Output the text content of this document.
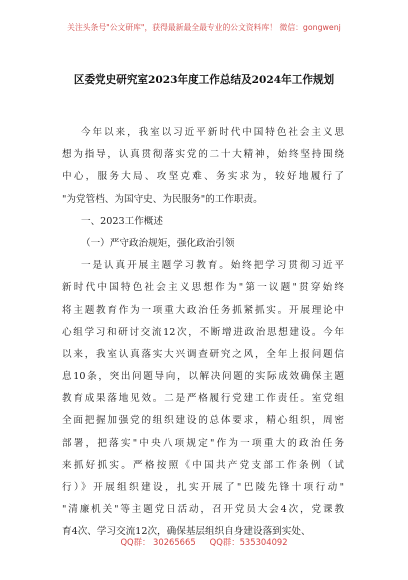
关注头条号"公文研库"，获得最新最全最专业的公文资料库！ 微信：gongwenj
区委党史研究室2023年度工作总结及2024年工作规划
今年以来，我室以习近平新时代中国特色社会主义思
想为指导，认真贯彻落实党的二十大精神，始终坚持围绕
中心，服务大局、攻坚克难、务实求为，较好地履行了
"为党管档、为国守史、为民服务"的工作职责。
一、2023工作概述
（一）严守政治规矩，强化政治引领
一是认真开展主题学习教育。始终把学习贯彻习近平
新时代中国特色社会主义思想作为"第一议题"贯穿始终
将主题教育作为一项重大政治任务抓紧抓实。开展理论中
心组学习和研讨交流12次，不断增进政治思想建设。今年
以来，我室认真落实大兴调查研究之风，全年上报问题信
息10条，突出问题导向，以解决问题的实际成效确保主题
教育成果落地见效。二是严格履行党建工作责任。室党组
全面把握加强党的组织建设的总体要求，精心组织，周密
部署，把落实"中央八项规定"作为一项重大的政治任务
来抓好抓实。严格按照《中国共产党支部工作条例（试
行）》开展组织建设，扎实开展了"巴陵先锋十项行动"
"清廉机关"等主题党日活动，召开党员大会4次，党课教
育4次、学习交流12次，确保基层组织自身建设落到实处、
QQ群： 30265665 QQ群：535304092
